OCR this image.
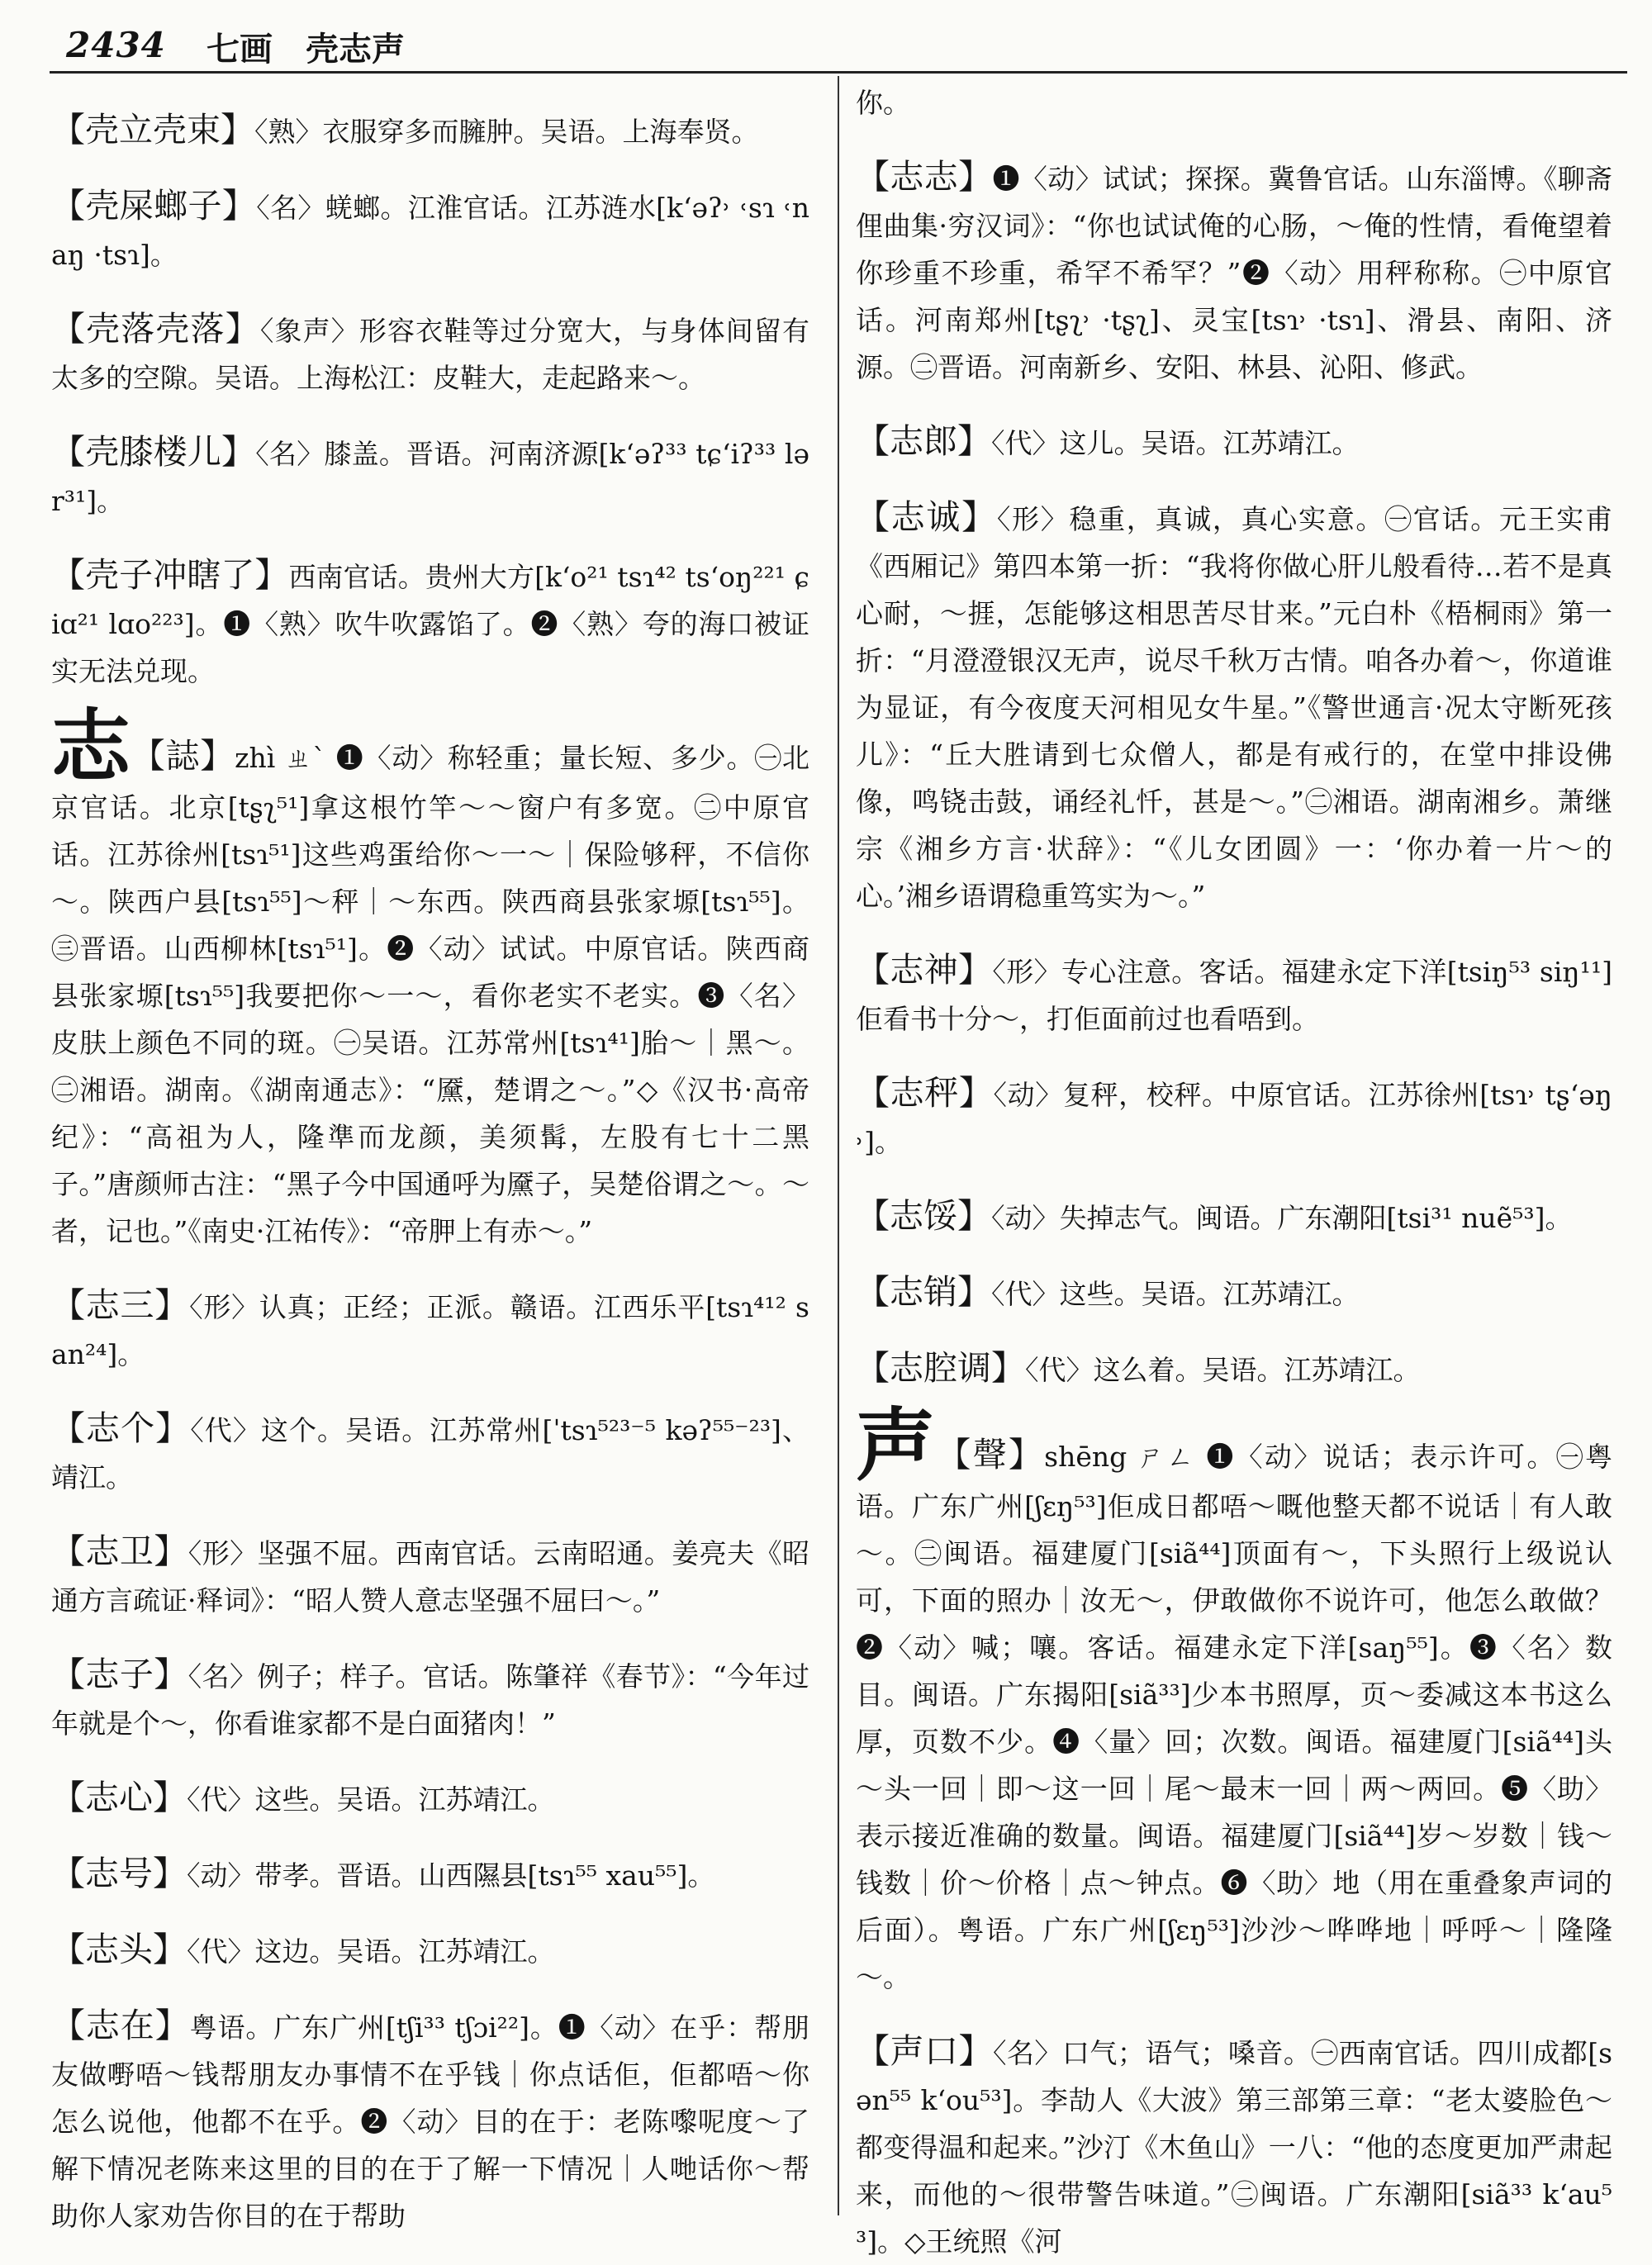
2434 七画　壳志声

【壳立壳束】〈熟〉衣服穿多而臃肿。吴语。上海奉贤。

【壳屎螂子】〈名〉蜣螂。江淮官话。江苏涟水[k‘əʔ˒ ˓sɿ ˓naŋ ·tsɿ]。

【壳落壳落】〈象声〉形容衣鞋等过分宽大，与身体间留有太多的空隙。吴语。上海松江：皮鞋大，走起路来～。

【壳膝楼儿】〈名〉膝盖。晋语。河南济源[k‘əʔ³³ tɕ‘iʔ³³ lər³¹]。

【壳子冲瞎了】西南官话。贵州大方[k‘o²¹ tsɿ⁴² ts‘oŋ²²¹ ɕiɑ²¹ lɑo²²³]。❶〈熟〉吹牛吹露馅了。❷〈熟〉夸的海口被证实无法兑现。

志【誌】zhì ㄓˋ ❶〈动〉称轻重；量长短、多少。㊀北京官话。北京[tʂʅ⁵¹]拿这根竹竿～～窗户有多宽。㊁中原官话。江苏徐州[tsɿ⁵¹]这些鸡蛋给你～一～｜保险够秤，不信你～。陕西户县[tsɿ⁵⁵]～秤｜～东西。陕西商县张家塬[tsɿ⁵⁵]。㊂晋语。山西柳林[tsɿ⁵¹]。❷〈动〉试试。中原官话。陕西商县张家塬[tsɿ⁵⁵]我要把你～一～，看你老实不老实。❸〈名〉皮肤上颜色不同的斑。㊀吴语。江苏常州[tsɿ⁴¹]胎～｜黑～。㊁湘语。湖南。《湖南通志》：“黡，楚谓之～。”◇《汉书·高帝纪》：“高祖为人，隆準而龙颜，美须髯，左股有七十二黑子。”唐颜师古注：“黑子今中国通呼为黡子，吴楚俗谓之～。～者，记也。”《南史·江祐传》：“帝胛上有赤～。”

【志三】〈形〉认真；正经；正派。赣语。江西乐平[tsɿ⁴¹² san²⁴]。

【志个】〈代〉这个。吴语。江苏常州[ˈtsɿ⁵²³⁻⁵ kəʔ⁵⁵⁻²³]、靖江。

【志卫】〈形〉坚强不屈。西南官话。云南昭通。姜亮夫《昭通方言疏证·释词》：“昭人赞人意志坚强不屈曰～。”

【志子】〈名〉例子；样子。官话。陈肇祥《春节》：“今年过年就是个～，你看谁家都不是白面猪肉！”

【志心】〈代〉这些。吴语。江苏靖江。

【志号】〈动〉带孝。晋语。山西隰县[tsɿ⁵⁵ xau⁵⁵]。

【志头】〈代〉这边。吴语。江苏靖江。

【志在】粤语。广东广州[tʃi³³ tʃɔi²²]。❶〈动〉在乎：帮朋友做嘢唔～钱帮朋友办事情不在乎钱｜你点话佢，佢都唔～你怎么说他，他都不在乎。❷〈动〉目的在于：老陈嚟呢度～了解下情况老陈来这里的目的在于了解一下情况｜人哋话你～帮助你人家劝告你目的在于帮助

你。

【志志】❶〈动〉试试；探探。冀鲁官话。山东淄博。《聊斋俚曲集·穷汉词》：“你也试试俺的心肠，～俺的性情，看俺望着你珍重不珍重，希罕不希罕？”❷〈动〉用秤称称。㊀中原官话。河南郑州[tʂʅ˒ ·tʂʅ]、灵宝[tsɿ˒ ·tsɿ]、滑县、南阳、济源。㊁晋语。河南新乡、安阳、林县、沁阳、修武。

【志郎】〈代〉这儿。吴语。江苏靖江。

【志诚】〈形〉稳重，真诚，真心实意。㊀官话。元王实甫《西厢记》第四本第一折：“我将你做心肝儿般看待…若不是真心耐，～捱，怎能够这相思苦尽甘来。”元白朴《梧桐雨》第一折：“月澄澄银汉无声，说尽千秋万古情。咱各办着～，你道谁为显证，有今夜度天河相见女牛星。”《警世通言·况太守断死孩儿》：“丘大胜请到七众僧人，都是有戒行的，在堂中排设佛像，鸣铙击鼓，诵经礼忏，甚是～。”㊁湘语。湖南湘乡。萧继宗《湘乡方言·状辞》：“《儿女团圆》一：‘你办着一片～的心。’湘乡语谓稳重笃实为～。”

【志神】〈形〉专心注意。客话。福建永定下洋[tsiŋ⁵³ siŋ¹¹]佢看书十分～，打佢面前过也看唔到。

【志秤】〈动〉复秤，校秤。中原官话。江苏徐州[tsɿ˒ tʂ‘əŋ˒]。

【志馁】〈动〉失掉志气。闽语。广东潮阳[tsi³¹ nuẽ⁵³]。

【志销】〈代〉这些。吴语。江苏靖江。

【志腔调】〈代〉这么着。吴语。江苏靖江。

声【聲】shēng ㄕㄥ ❶〈动〉说话；表示许可。㊀粤语。广东广州[ʃɛŋ⁵³]佢成日都唔～嘅他整天都不说话｜有人敢～。㊁闽语。福建厦门[siã⁴⁴]顶面有～，下头照行上级说认可，下面的照办｜汝无～，伊敢做你不说许可，他怎么敢做？❷〈动〉喊；嚷。客话。福建永定下洋[saŋ⁵⁵]。❸〈名〉数目。闽语。广东揭阳[siã³³]少本书照厚，页～委减这本书这么厚，页数不少。❹〈量〉回；次数。闽语。福建厦门[siã⁴⁴]头～头一回｜即～这一回｜尾～最末一回｜两～两回。❺〈助〉表示接近准确的数量。闽语。福建厦门[siã⁴⁴]岁～岁数｜钱～钱数｜价～价格｜点～钟点。❻〈助〉地（用在重叠象声词的后面）。粤语。广东广州[ʃɛŋ⁵³]沙沙～哗哗地｜呼呼～｜隆隆～。

【声口】〈名〉口气；语气；嗓音。㊀西南官话。四川成都[sən⁵⁵ k‘ou⁵³]。李劼人《大波》第三部第三章：“老太婆脸色～都变得温和起来。”沙汀《木鱼山》一八：“他的态度更加严肃起来，而他的～很带警告味道。”㊁闽语。广东潮阳[siã³³ k‘au⁵³]。◇王统照《河
